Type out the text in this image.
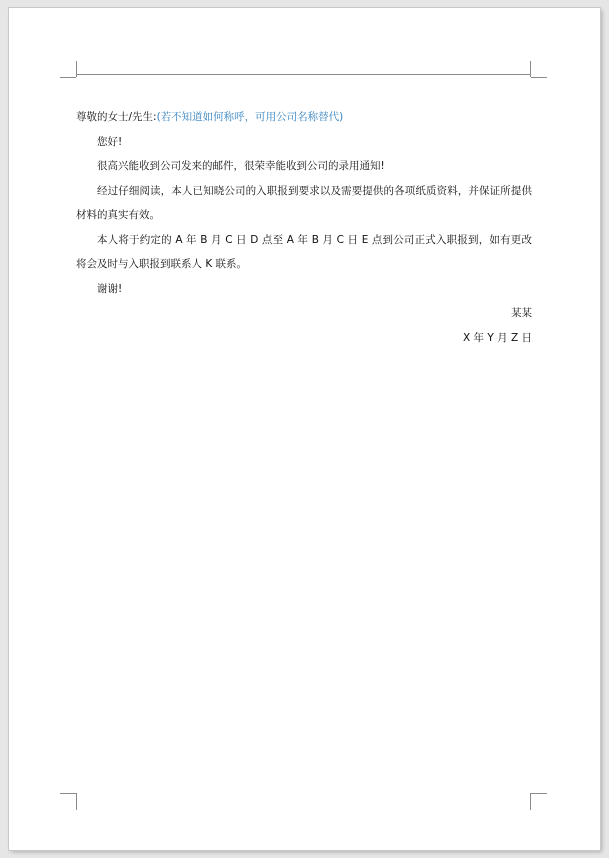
尊敬的女士/先生:(若不知道如何称呼，可用公司名称替代)

您好!

很高兴能收到公司发来的邮件，很荣幸能收到公司的录用通知!

经过仔细阅读，本人已知晓公司的入职报到要求以及需要提供的各项纸质资料，并保证所提供材料的真实有效。

本人将于约定的 A 年 B 月 C 日 D 点至 A 年 B 月 C 日 E 点到公司正式入职报到，如有更改将会及时与入职报到联系人 K 联系。

谢谢!

某某

X 年 Y 月 Z 日
